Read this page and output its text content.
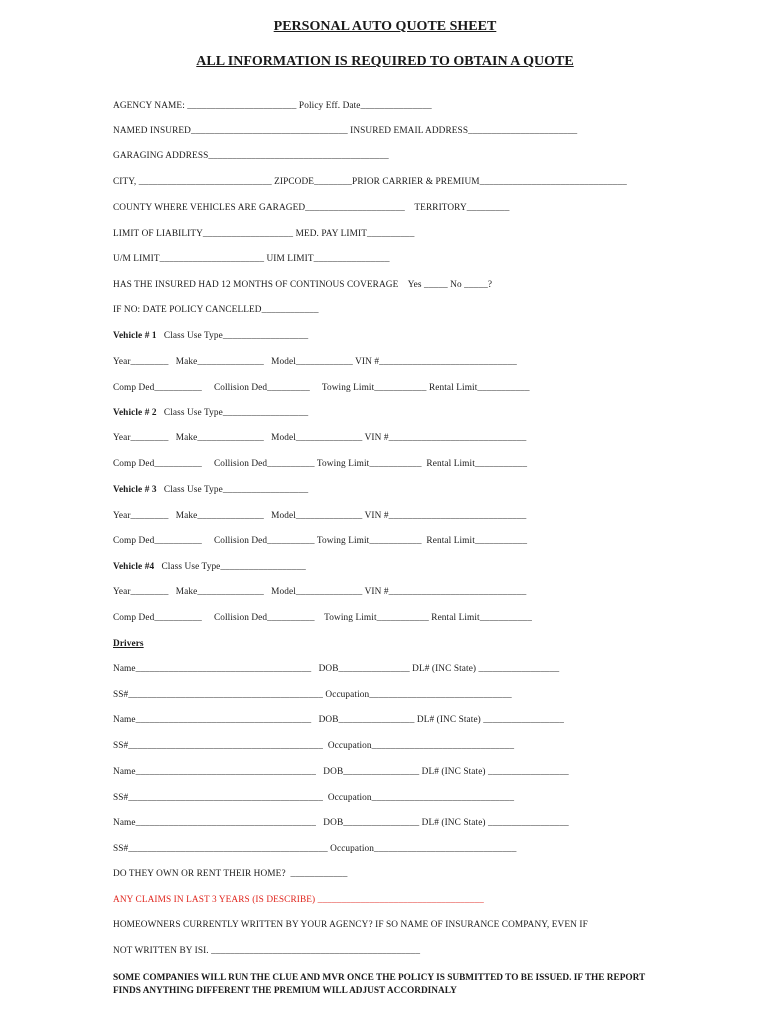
PERSONAL AUTO QUOTE SHEET
ALL INFORMATION IS REQUIRED TO OBTAIN A QUOTE
AGENCY NAME: _______________________ Policy Eff. Date_______________
NAMED INSURED_________________________________ INSURED EMAIL ADDRESS_______________________
GARAGING ADDRESS______________________________________
CITY, ____________________________ ZIPCODE________PRIOR CARRIER & PREMIUM_______________________________
COUNTY WHERE VEHICLES ARE GARAGED_____________________    TERRITORY_________
LIMIT OF LIABILITY___________________ MED. PAY LIMIT__________
U/M LIMIT______________________ UIM LIMIT________________
HAS THE INSURED HAD 12 MONTHS OF CONTINOUS COVERAGE    Yes _____ No _____?
IF NO: DATE POLICY CANCELLED____________
Vehicle # 1   Class Use Type__________________
Year________   Make______________   Model____________ VIN #_____________________________
Comp Ded__________     Collision Ded_________     Towing Limit___________ Rental Limit___________
Vehicle # 2   Class Use Type__________________
Year________   Make______________   Model______________ VIN #_____________________________
Comp Ded__________     Collision Ded__________ Towing Limit___________  Rental Limit___________
Vehicle # 3   Class Use Type__________________
Year________   Make______________   Model______________ VIN #_____________________________
Comp Ded__________     Collision Ded__________ Towing Limit___________  Rental Limit___________
Vehicle #4   Class Use Type__________________
Year________   Make______________   Model______________ VIN #_____________________________
Comp Ded__________     Collision Ded__________    Towing Limit___________ Rental Limit___________
Drivers
Name_____________________________________   DOB_______________ DL# (INC State) _________________
SS#_________________________________________ Occupation______________________________
Name_____________________________________   DOB________________ DL# (INC State) _________________
SS#_________________________________________  Occupation______________________________
Name______________________________________   DOB________________ DL# (INC State) _________________
SS#_________________________________________  Occupation______________________________
Name______________________________________   DOB________________ DL# (INC State) _________________
SS#__________________________________________ Occupation______________________________
DO THEY OWN OR RENT THEIR HOME?  ____________
ANY CLAIMS IN LAST 3 YEARS (IS DESCRIBE) ___________________________________
HOMEOWNERS CURRENTLY WRITTEN BY YOUR AGENCY? IF SO NAME OF INSURANCE COMPANY, EVEN IF
NOT WRITTEN BY ISI. ____________________________________________
SOME COMPANIES WILL RUN THE CLUE AND MVR ONCE THE POLICY IS SUBMITTED TO BE ISSUED. IF THE REPORT FINDS ANYTHING DIFFERENT THE PREMIUM WILL ADJUST ACCORDINALY
